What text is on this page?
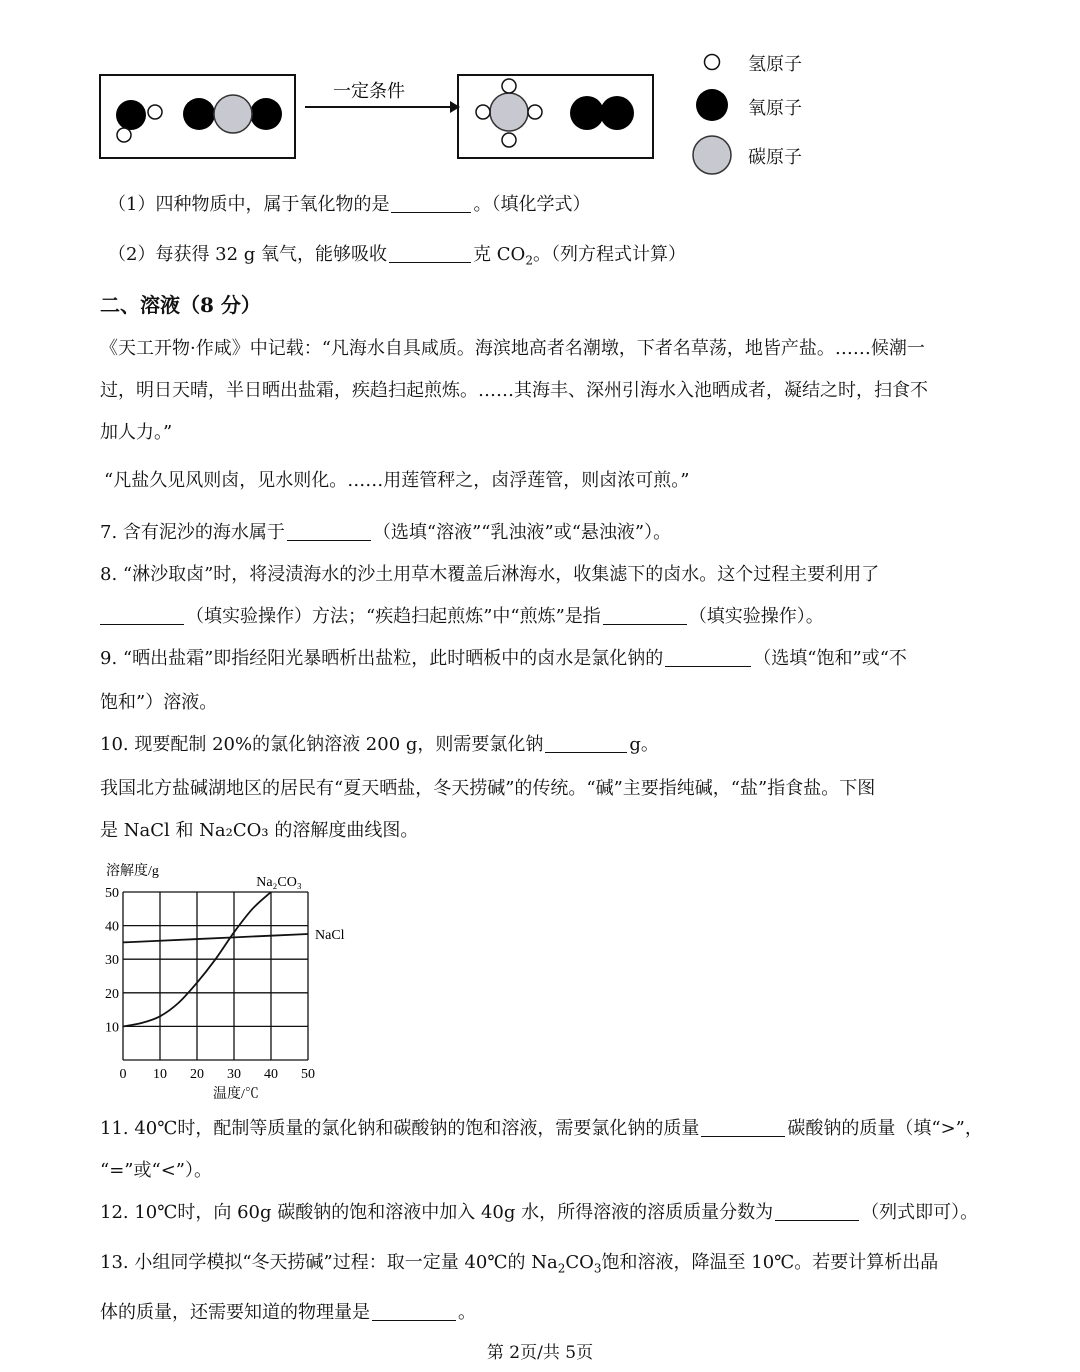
一定条件
氢原子
氧原子
碳原子
（1）四种物质中，属于氧化物的是	。（填化学式）
（2）每获得 32 g 氧气，能够吸收	克 $CO_2$。（列方程式计算）
二、溶液（8 分）
《天工开物·作咸》中记载：“凡海水自具咸质。海滨地高者名潮墩，下者名草荡，地皆产盐。……候潮一
过，明日天晴，半日晒出盐霜，疾趋扫起煎炼。……其海丰、深州引海水入池晒成者，凝结之时，扫食不
加人力。”
“凡盐久见风则卤，见水则化。……用莲管秤之，卤浮莲管，则卤浓可煎。”
7. 含有泥沙的海水属于	（选填“溶液”“乳浊液”或“悬浊液”）。
8. “淋沙取卤”时，将浸渍海水的沙土用草木覆盖后淋海水，收集滤下的卤水。这个过程主要利用了
（填实验操作）方法；“疾趋扫起煎炼”中“煎炼”是指	（填实验操作）。
9. “晒出盐霜”即指经阳光暴晒析出盐粒，此时晒板中的卤水是氯化钠的	（选填“饱和”或“不
饱和”）溶液。
10. 现要配制 20%的氯化钠溶液 200 g，则需要氯化钠	g。
我国北方盐碱湖地区的居民有“夏天晒盐，冬天捞碱”的传统。“碱”主要指纯碱，“盐”指食盐。下图
是 NaCl 和 Na₂CO₃ 的溶解度曲线图。
0 10 20 30 40 50
10
20
30
40
50
溶解度/g
温度/℃
Na₂CO₃
NaCl
11. 40℃时，配制等质量的氯化钠和碳酸钠的饱和溶液，需要氯化钠的质量	碳酸钠的质量（填“>”，
“=”或“<”）。
12. 10℃时，向 60g 碳酸钠的饱和溶液中加入 40g 水，所得溶液的溶质质量分数为	（列式即可）。
13. 小组同学模拟“冬天捞碱”过程：取一定量 40℃的 $Na_2CO_3$饱和溶液，降温至 10℃。若要计算析出晶
体的质量，还需要知道的物理量是	。
第 2页/共 5页
